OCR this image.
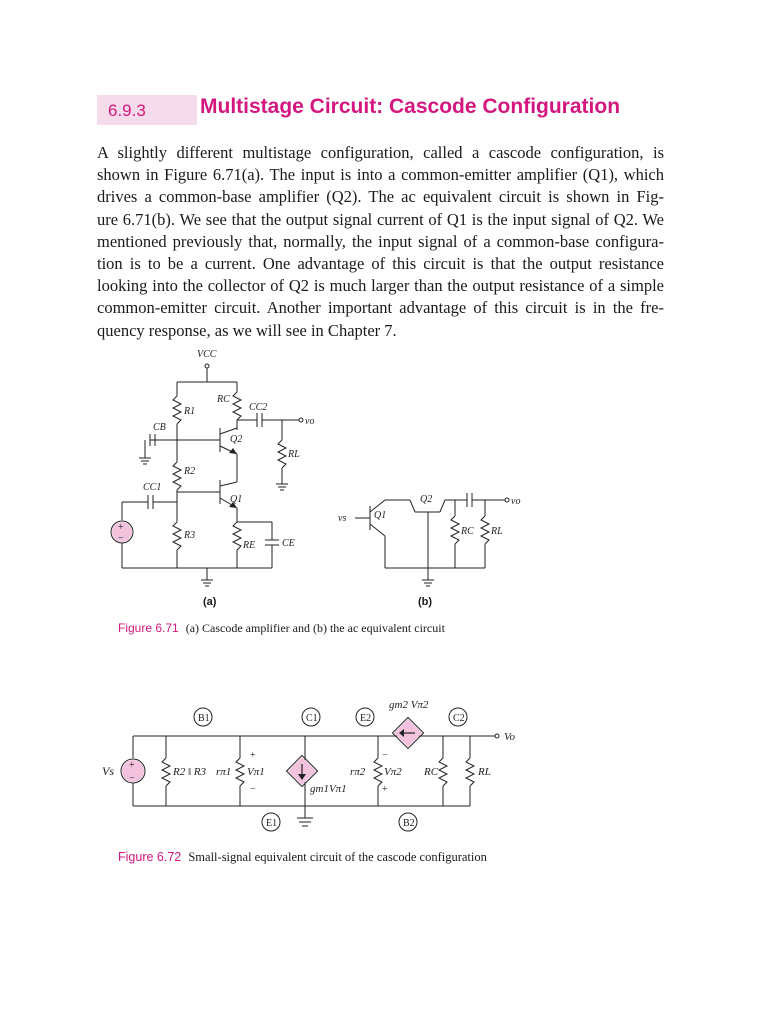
6.9.3	Multistage Circuit: Cascode Configuration

A slightly different multistage configuration, called a cascode configuration, is
shown in Figure 6.71(a). The input is into a common-emitter amplifier (Q1), which
drives a common-base amplifier (Q2). The ac equivalent circuit is shown in Fig-
ure 6.71(b). We see that the output signal current of Q1 is the input signal of Q2. We
mentioned previously that, normally, the input signal of a common-base configura-
tion is to be a current. One advantage of this circuit is that the output resistance
looking into the collector of Q2 is much larger than the output resistance of a simple
common-emitter circuit. Another important advantage of this circuit is in the fre-
quency response, as we will see in Chapter 7.

VCC
R1
RC
CC2
vo
CB
Q2
RL
R2
CC1
Q1
R3
RE	CE
+
−
vs	Q1
Q2	vo
RC RL
B1	C1	E2	C2
E1	B2
Vs +
−
R2 ‖ R3 rπ1 Vπ1
+
−	gm1Vπ1
gm2 Vπ2
rπ2 Vπ2
−
+
RC	RL
Vo
(a)	(b)
Figure 6.71 (a) Cascode amplifier and (b) the ac equivalent circuit
Figure 6.72 Small-signal equivalent circuit of the cascode configuration
